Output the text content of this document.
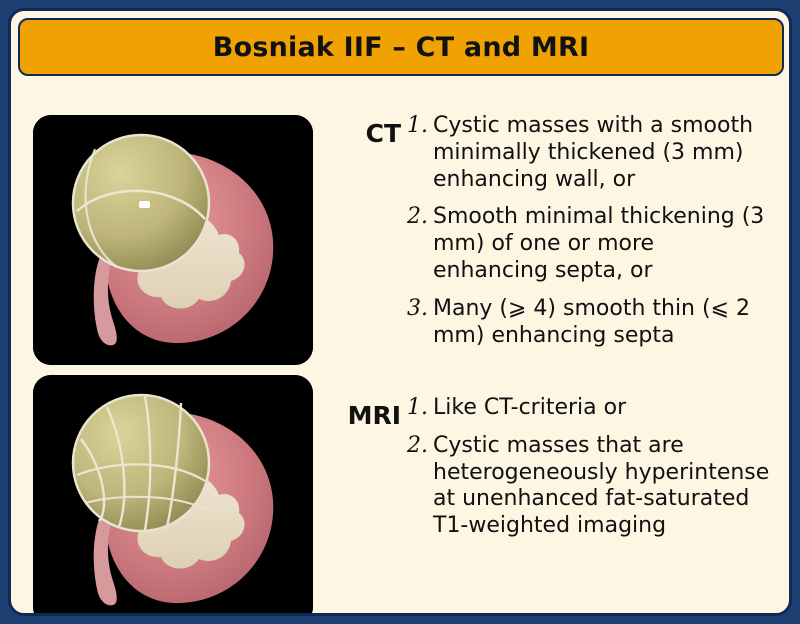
Bosniak IIF – CT and MRI
CT 1. Cystic masses with a smooth minimally thickened (3 mm) enhancing wall, or
2. Smooth minimal thickening (3 mm) of one or more enhancing septa, or
3. Many (⩾ 4) smooth thin (⩽ 2 mm) enhancing septa
MRI 1. Like CT-criteria or
2. Cystic masses that are heterogeneously hyperintense at unenhanced fat-saturated T1-weighted imaging
